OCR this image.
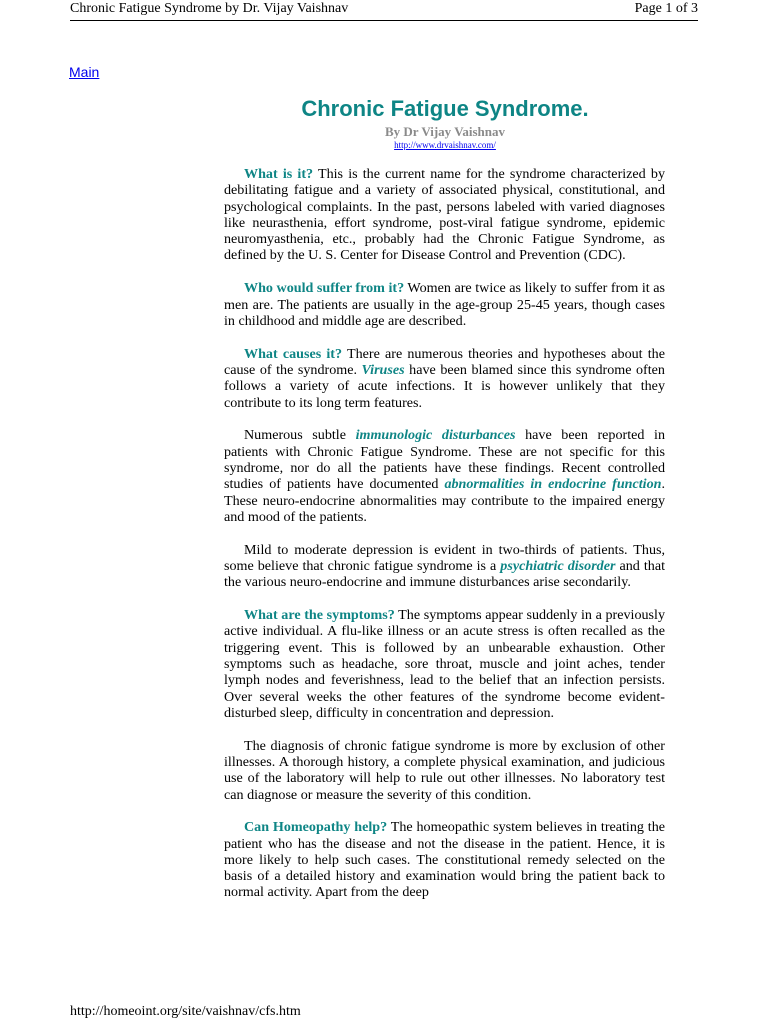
Chronic Fatigue Syndrome by Dr. Vijay Vaishnav	Page 1 of 3
Main
Chronic Fatigue Syndrome.
By Dr Vijay Vaishnav
http://www.drvaishnav.com/

What is it? This is the current name for the syndrome characterized by debilitating fatigue and a variety of associated physical, constitutional, and psychological complaints. In the past, persons labeled with varied diagnoses like neurasthenia, effort syndrome, post-viral fatigue syndrome, epidemic neuromyasthenia, etc., probably had the Chronic Fatigue Syndrome, as defined by the U. S. Center for Disease Control and Prevention (CDC).

Who would suffer from it? Women are twice as likely to suffer from it as men are. The patients are usually in the age-group 25-45 years, though cases in childhood and middle age are described.

What causes it? There are numerous theories and hypotheses about the cause of the syndrome. Viruses have been blamed since this syndrome often follows a variety of acute infections. It is however unlikely that they contribute to its long term features.

Numerous subtle immunologic disturbances have been reported in patients with Chronic Fatigue Syndrome. These are not specific for this syndrome, nor do all the patients have these findings. Recent controlled studies of patients have documented abnormalities in endocrine function. These neuro-endocrine abnormalities may contribute to the impaired energy and mood of the patients.

Mild to moderate depression is evident in two-thirds of patients. Thus, some believe that chronic fatigue syndrome is a psychiatric disorder and that the various neuro-endocrine and immune disturbances arise secondarily.

What are the symptoms? The symptoms appear suddenly in a previously active individual. A flu-like illness or an acute stress is often recalled as the triggering event. This is followed by an unbearable exhaustion. Other symptoms such as headache, sore throat, muscle and joint aches, tender lymph nodes and feverishness, lead to the belief that an infection persists. Over several weeks the other features of the syndrome become evident- disturbed sleep, difficulty in concentration and depression.

The diagnosis of chronic fatigue syndrome is more by exclusion of other illnesses. A thorough history, a complete physical examination, and judicious use of the laboratory will help to rule out other illnesses. No laboratory test can diagnose or measure the severity of this condition.

Can Homeopathy help? The homeopathic system believes in treating the patient who has the disease and not the disease in the patient. Hence, it is more likely to help such cases. The constitutional remedy selected on the basis of a detailed history and examination would bring the patient back to normal activity. Apart from the deep

http://homeoint.org/site/vaishnav/cfs.htm
